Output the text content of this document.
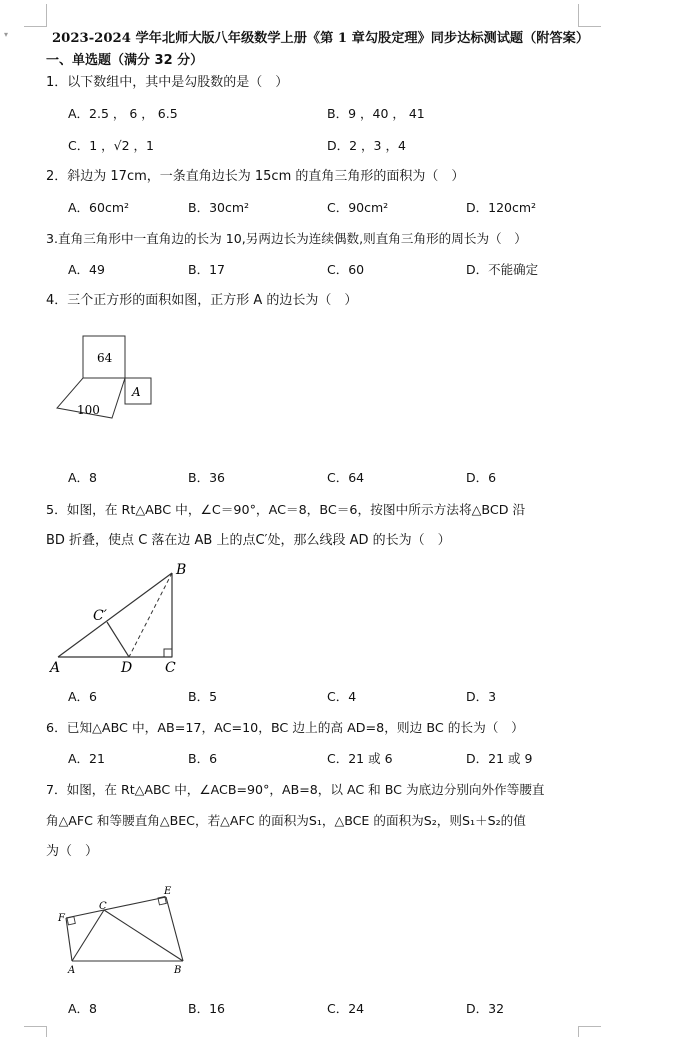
▾	2023-2024 学年北师大版八年级数学上册《第 1 章勾股定理》同步达标测试题（附答案）
一、单选题（满分 32 分）
1．以下数组中，其中是勾股数的是（　）
A．2.5 ， 6 ， 6.5	B．9 ，40 ， 41
C．1 ，√2 ，1	D．2 ，3 ，4
2．斜边为 17cm，一条直角边长为 15cm 的直角三角形的面积为（　）
A．60cm²	B．30cm²	C．90cm²	D．120cm²
3.直角三角形中一直角边的长为 10,另两边长为连续偶数,则直角三角形的周长为（　）
A．49	B．17	C．60	D．不能确定
4．三个正方形的面积如图，正方形 A 的边长为（　）
64
100
A
A．8	B．36	C．64	D．6
5．如图，在 Rt△ABC 中，∠C＝90°，AC＝8，BC＝6，按图中所示方法将△BCD 沿
BD 折叠，使点 C 落在边 AB 上的点C′处，那么线段 AD 的长为（　）
A
B
C
D
C′
A．6	B．5	C．4	D．3
6．已知△ABC 中，AB=17，AC=10，BC 边上的高 AD=8，则边 BC 的长为（　）
A．21	B．6	C．21 或 6	D．21 或 9
7．如图，在 Rt△ABC 中，∠ACB=90°，AB=8，以 AC 和 BC 为底边分别向外作等腰直
角△AFC 和等腰直角△BEC，若△AFC 的面积为S₁，△BCE 的面积为S₂，则S₁＋S₂的值
为（　）
A	B
C
E
F
A．8	B．16	C．24	D．32
